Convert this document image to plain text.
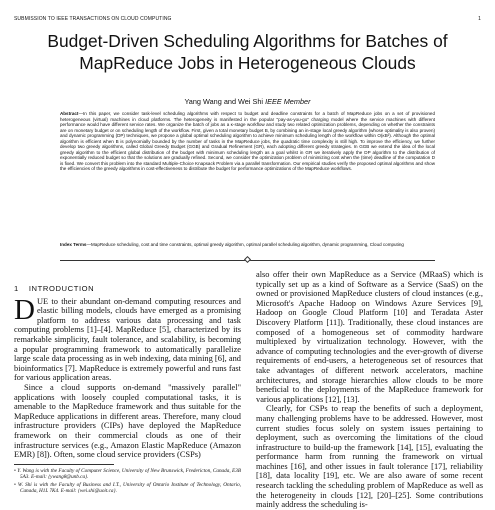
SUBMISSION TO IEEE TRANSACTIONS ON CLOUD COMPUTING	1
Budget-Driven Scheduling Algorithms for Batches of MapReduce Jobs in Heterogeneous Clouds
Yang Wang and Wei Shi IEEE Member
Abstract—In this paper, we consider task-level scheduling algorithms with respect to budget and deadline constraints for a batch of MapReduce jobs on a set of provisioned heterogeneous (virtual) machines in cloud platforms. The heterogeneity is manifested in the popular "pay-as-you-go" charging model where the service machines with different performance would have different service rates. We organize the batch of jobs as a κ-stage workflow and study two related optimization problems, depending on whether the constraints are on monetary budget or on scheduling length of the workflow. First, given a total monetary budget B, by combining an in-stage local greedy algorithm (whose optimality is also proven) and dynamic programming (DP) techniques, we propose a global optimal scheduling algorithm to achieve minimum scheduling length of the workflow within O(κB²). Although the optimal algorithm is efficient when B is polynomially bounded by the number of tasks in the MapReduce jobs, the quadratic time complexity is still high. To improve the efficiency, we further develop two greedy algorithms, called Global Greedy Budget (GGB) and Gradual Refinement (GR), each adopting different greedy strategies. In GGB we extend the idea of the local greedy algorithm to the efficient global distribution of the budget with minimum scheduling length as a goal whilst in GR we iteratively apply the DP algorithm to the distribution of exponentially reduced budget so that the solutions are gradually refined. Second, we consider the optimization problem of minimizing cost when the (time) deadline of the computation D is fixed. We convert this problem into the standard Multiple-Choice Knapsack Problem via a parallel transformation. Our empirical studies verify the proposed optimal algorithms and show the efficiencies of the greedy algorithms in cost-effectiveness to distribute the budget for performance optimizations of the MapReduce workflows.
Index Terms—MapReduce scheduling, cost and time constraints, optimal greedy algorithm, optimal parallel scheduling algorithm, dynamic programming, Cloud computing
1 INTRODUCTION

DUE to their abundant on-demand computing resources and elastic billing models, clouds have emerged as a promising platform to address various data processing and task computing problems [1]–[4]. MapReduce [5], characterized by its remarkable simplicity, fault tolerance, and scalability, is becoming a popular programming framework to automatically parallelize large scale data processing as in web indexing, data mining [6], and bioinformatics [7]. MapReduce is extremely powerful and runs fast for various application areas.

Since a cloud supports on-demand "massively parallel" applications with loosely coupled computational tasks, it is amenable to the MapReduce framework and thus suitable for the MapReduce applications in different areas. Therefore, many cloud infrastructure providers (CIPs) have deployed the MapReduce framework on their commercial clouds as one of their infrastructure services (e.g., Amazon Elastic MapReduce (Amazon EMR) [8]). Often, some cloud service providers (CSPs)

• Y. Wang is with the Faculty of Computer Science, University of New Brunswick, Fredericton, Canada, E3B 5A3. E-mail: {ywang8@unb.ca}.
• W. Shi is with the Faculty of Business and I.T., University of Ontario Institute of Technology, Ontario, Canada, H1L 7K4. E-mail: {wei.shi@uoit.ca}.

also offer their own MapReduce as a Service (MRaaS) which is typically set up as a kind of Software as a Service (SaaS) on the owned or provisioned MapReduce clusters of cloud instances (e.g., Microsoft's Apache Hadoop on Windows Azure Services [9], Hadoop on Google Cloud Platform [10] and Teradata Aster Discovery Platform [11]). Traditionally, these cloud instances are composed of a homogeneous set of commodity hardware multiplexed by virtualization technology. However, with the advance of computing technologies and the ever-growth of diverse requirements of end-users, a heterogeneous set of resources that take advantages of different network accelerators, machine architectures, and storage hierarchies allow clouds to be more beneficial to the deployments of the MapReduce framework for various applications [12], [13].

Clearly, for CSPs to reap the benefits of such a deployment, many challenging problems have to be addressed. However, most current studies focus solely on system issues pertaining to deployment, such as overcoming the limitations of the cloud infrastructure to build-up the framework [14], [15], evaluating the performance harm from running the framework on virtual machines [16], and other issues in fault tolerance [17], reliability [18], data locality [19], etc. We are also aware of some recent research tackling the scheduling problem of MapReduce as well as the heterogeneity in clouds [12], [20]–[25]. Some contributions mainly address the scheduling is-
